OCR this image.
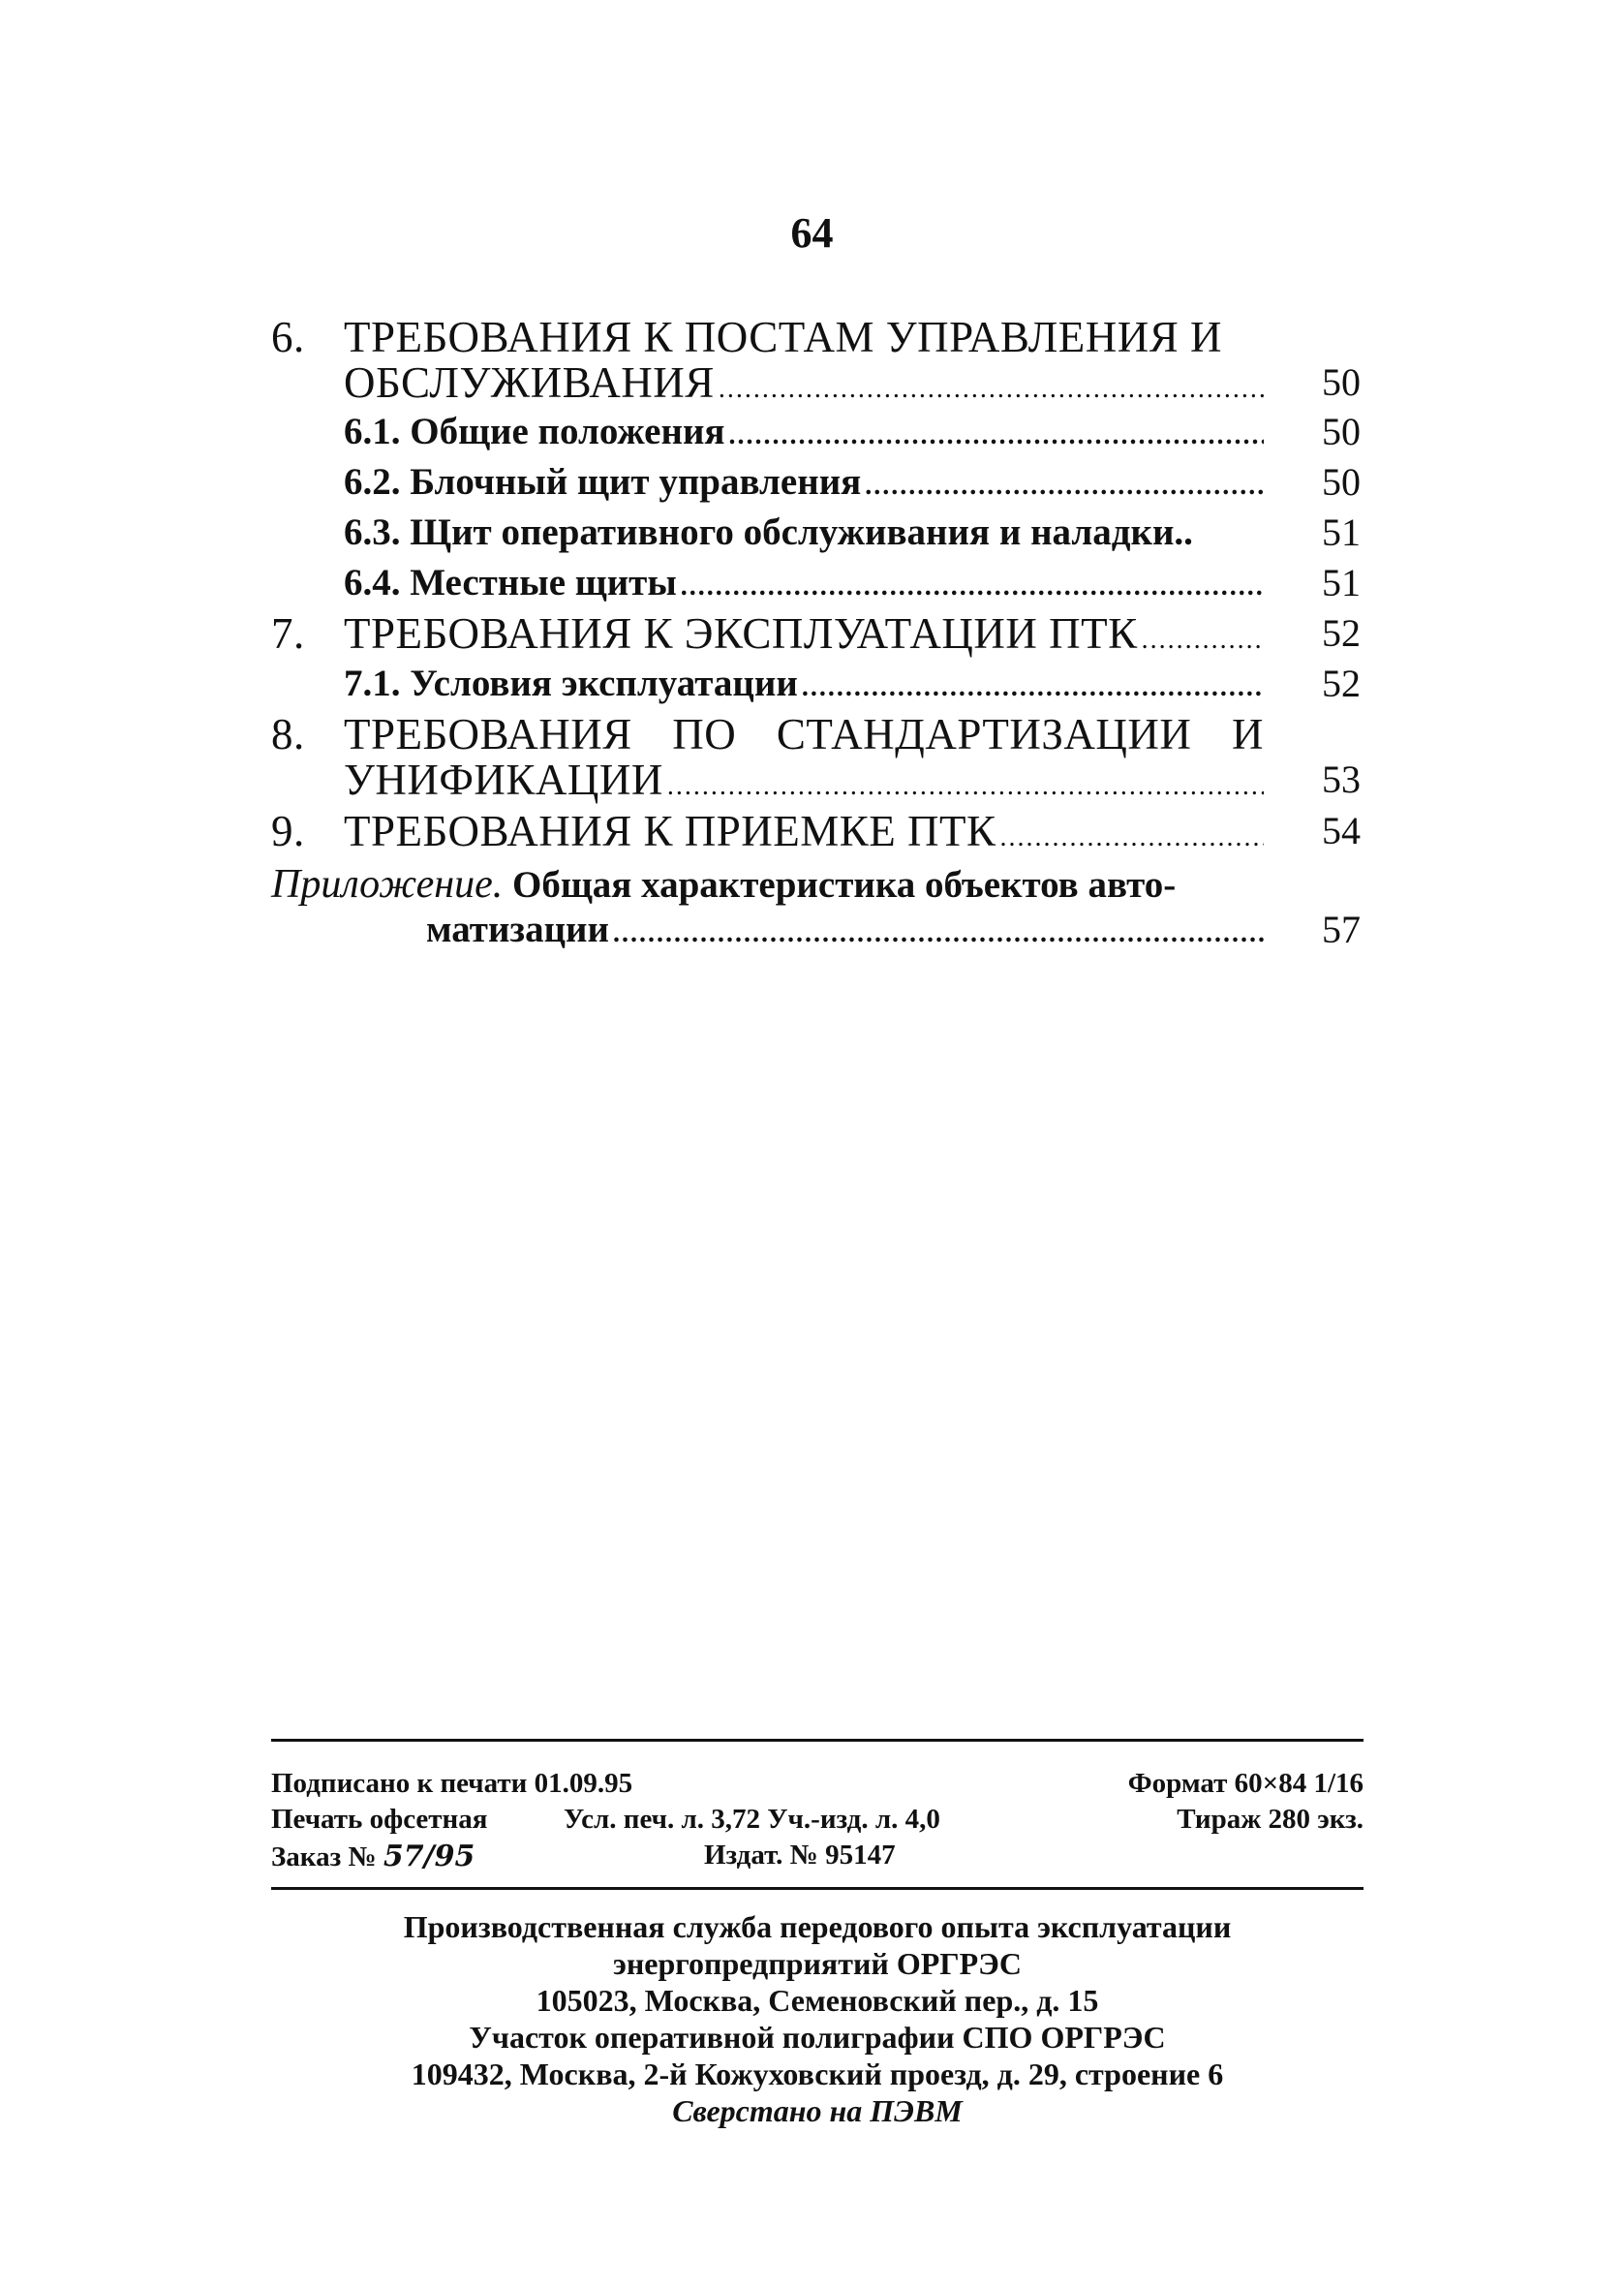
64
6. ТРЕБОВАНИЯ К ПОСТАМ УПРАВЛЕНИЯ И
ОБСЛУЖИВАНИЯ .....	50
6.1. Общие положения .....	50
6.2. Блочный щит управления .....	50
6.3. Щит оперативного обслуживания и наладки..	51
6.4. Местные щиты .....	51
7. ТРЕБОВАНИЯ К ЭКСПЛУАТАЦИИ ПТК .....	52
7.1. Условия эксплуатации .....	52
8. ТРЕБОВАНИЯ ПО СТАНДАРТИЗАЦИИ И
УНИФИКАЦИИ .....	53
9. ТРЕБОВАНИЯ К ПРИЕМКЕ ПТК .....	54
Приложение. Общая характеристика объектов авто-
матизации .....	57
Подписано к печати 01.09.95	Формат 60×84 1/16
Печать офсетная	Усл. печ. л. 3,72 Уч.-изд. л. 4,0	Тираж 280 экз.
Заказ № 57/95	Издат. № 95147
Производственная служба передового опыта эксплуатации
энергопредприятий ОРГРЭС
105023, Москва, Семеновский пер., д. 15
Участок оперативной полиграфии СПО ОРГРЭС
109432, Москва, 2-й Кожуховский проезд, д. 29, строение 6
Сверстано на ПЭВМ
